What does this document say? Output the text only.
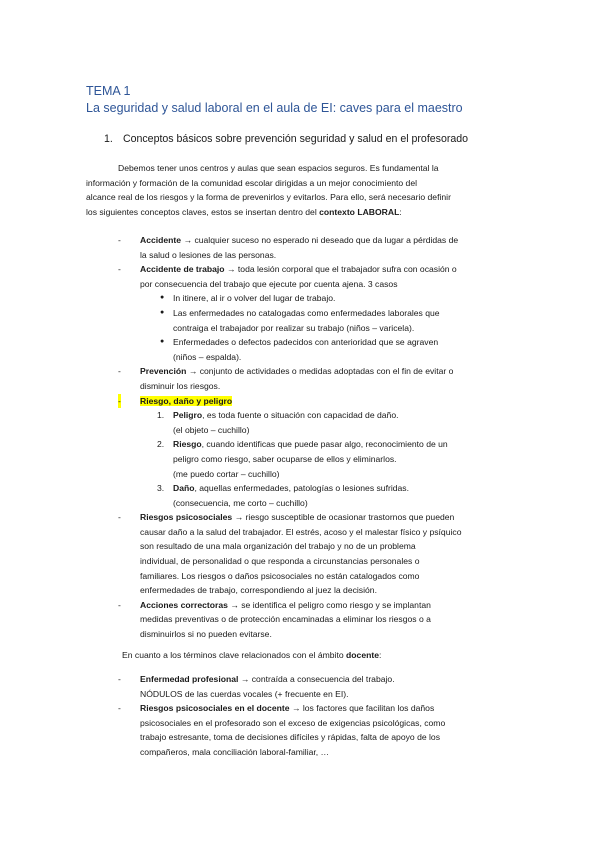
TEMA 1
La seguridad y salud laboral en el aula de EI: caves para el maestro
1. Conceptos básicos sobre prevención seguridad y salud en el profesorado

Debemos tener unos centros y aulas que sean espacios seguros. Es fundamental la

información y formación de la comunidad escolar dirigidas a un mejor conocimiento del

alcance real de los riesgos y la forma de prevenirlos y evitarlos. Para ello, será necesario definir

los siguientes conceptos claves, estos se insertan dentro del contexto LABORAL:

- Accidente → cualquier suceso no esperado ni deseado que da lugar a pérdidas de
la salud o lesiones de las personas.
- Accidente de trabajo → toda lesión corporal que el trabajador sufra con ocasión o
por consecuencia del trabajo que ejecute por cuenta ajena. 3 casos
● In itinere, al ir o volver del lugar de trabajo.
● Las enfermedades no catalogadas como enfermedades laborales que
contraiga el trabajador por realizar su trabajo (niños – varicela).
● Enfermedades o defectos padecidos con anterioridad que se agraven
(niños – espalda).
- Prevención → conjunto de actividades o medidas adoptadas con el fin de evitar o
disminuir los riesgos.
- Riesgo, daño y peligro
1. Peligro, es toda fuente o situación con capacidad de daño.
(el objeto – cuchillo)
2. Riesgo, cuando identificas que puede pasar algo, reconocimiento de un
peligro como riesgo, saber ocuparse de ellos y eliminarlos.
(me puedo cortar – cuchillo)
3. Daño, aquellas enfermedades, patologías o lesiones sufridas.
(consecuencia, me corto – cuchillo)
- Riesgos psicosociales → riesgo susceptible de ocasionar trastornos que pueden
causar daño a la salud del trabajador. El estrés, acoso y el malestar físico y psíquico
son resultado de una mala organización del trabajo y no de un problema
individual, de personalidad o que responda a circunstancias personales o
familiares. Los riesgos o daños psicosociales no están catalogados como
enfermedades de trabajo, correspondiendo al juez la decisión.
- Acciones correctoras → se identifica el peligro como riesgo y se implantan
medidas preventivas o de protección encaminadas a eliminar los riesgos o a
disminuirlos si no pueden evitarse.
En cuanto a los términos clave relacionados con el ámbito docente:
- Enfermedad profesional → contraída a consecuencia del trabajo.
NÓDULOS de las cuerdas vocales (+ frecuente en EI).
- Riesgos psicosociales en el docente → los factores que facilitan los daños
psicosociales en el profesorado son el exceso de exigencias psicológicas, como
trabajo estresante, toma de decisiones difíciles y rápidas, falta de apoyo de los
compañeros, mala conciliación laboral-familiar, …
